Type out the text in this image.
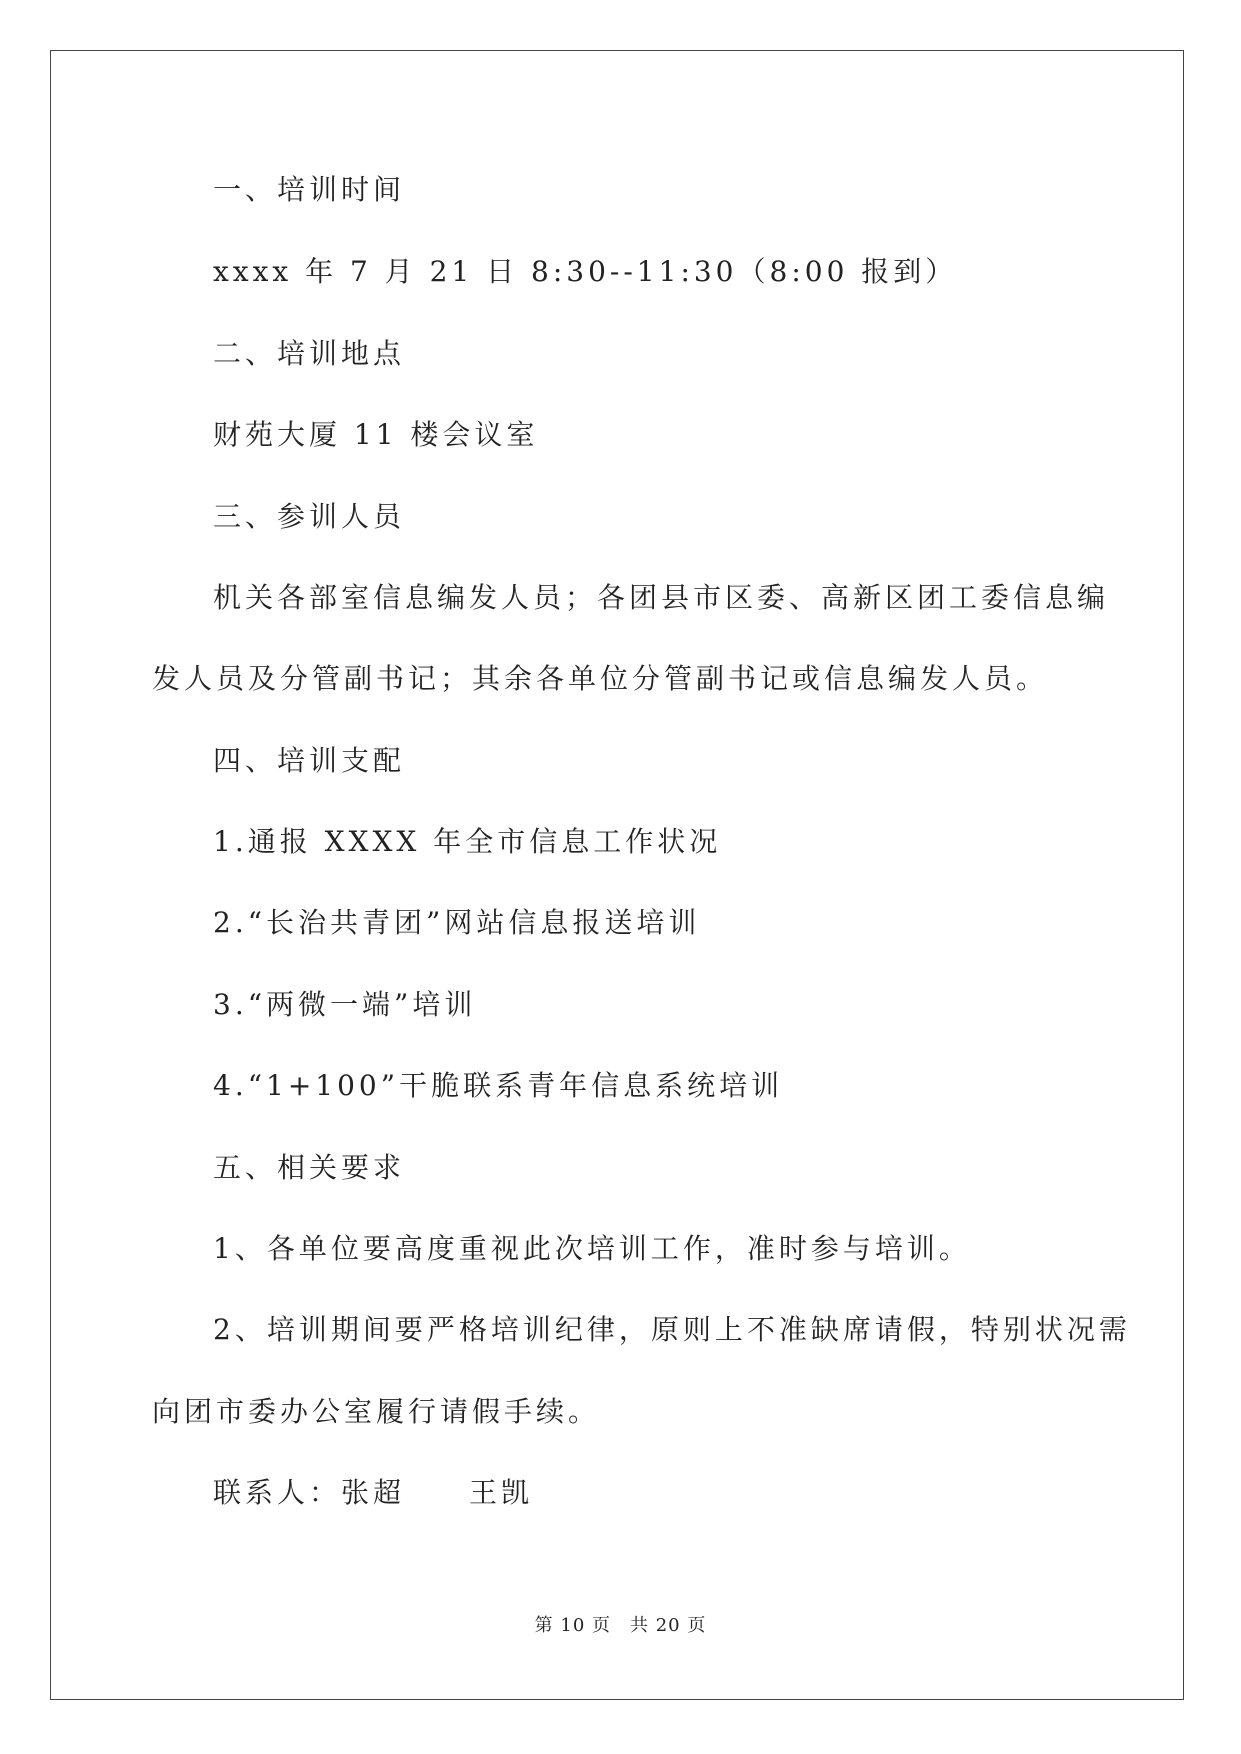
一、培训时间
xxxx 年 7 月 21 日 8:30--11:30（8:00 报到）
二、培训地点
财苑大厦 11 楼会议室
三、参训人员
机关各部室信息编发人员；各团县市区委、高新区团工委信息编
发人员及分管副书记；其余各单位分管副书记或信息编发人员。
四、培训支配
1.通报 XXXX 年全市信息工作状况
2.“长治共青团”网站信息报送培训
3.“两微一端”培训
4.“1+100”干脆联系青年信息系统培训
五、相关要求
1、各单位要高度重视此次培训工作，准时参与培训。
2、培训期间要严格培训纪律，原则上不准缺席请假，特别状况需
向团市委办公室履行请假手续。
联系人：张超　　王凯
第 10 页　共 20 页
